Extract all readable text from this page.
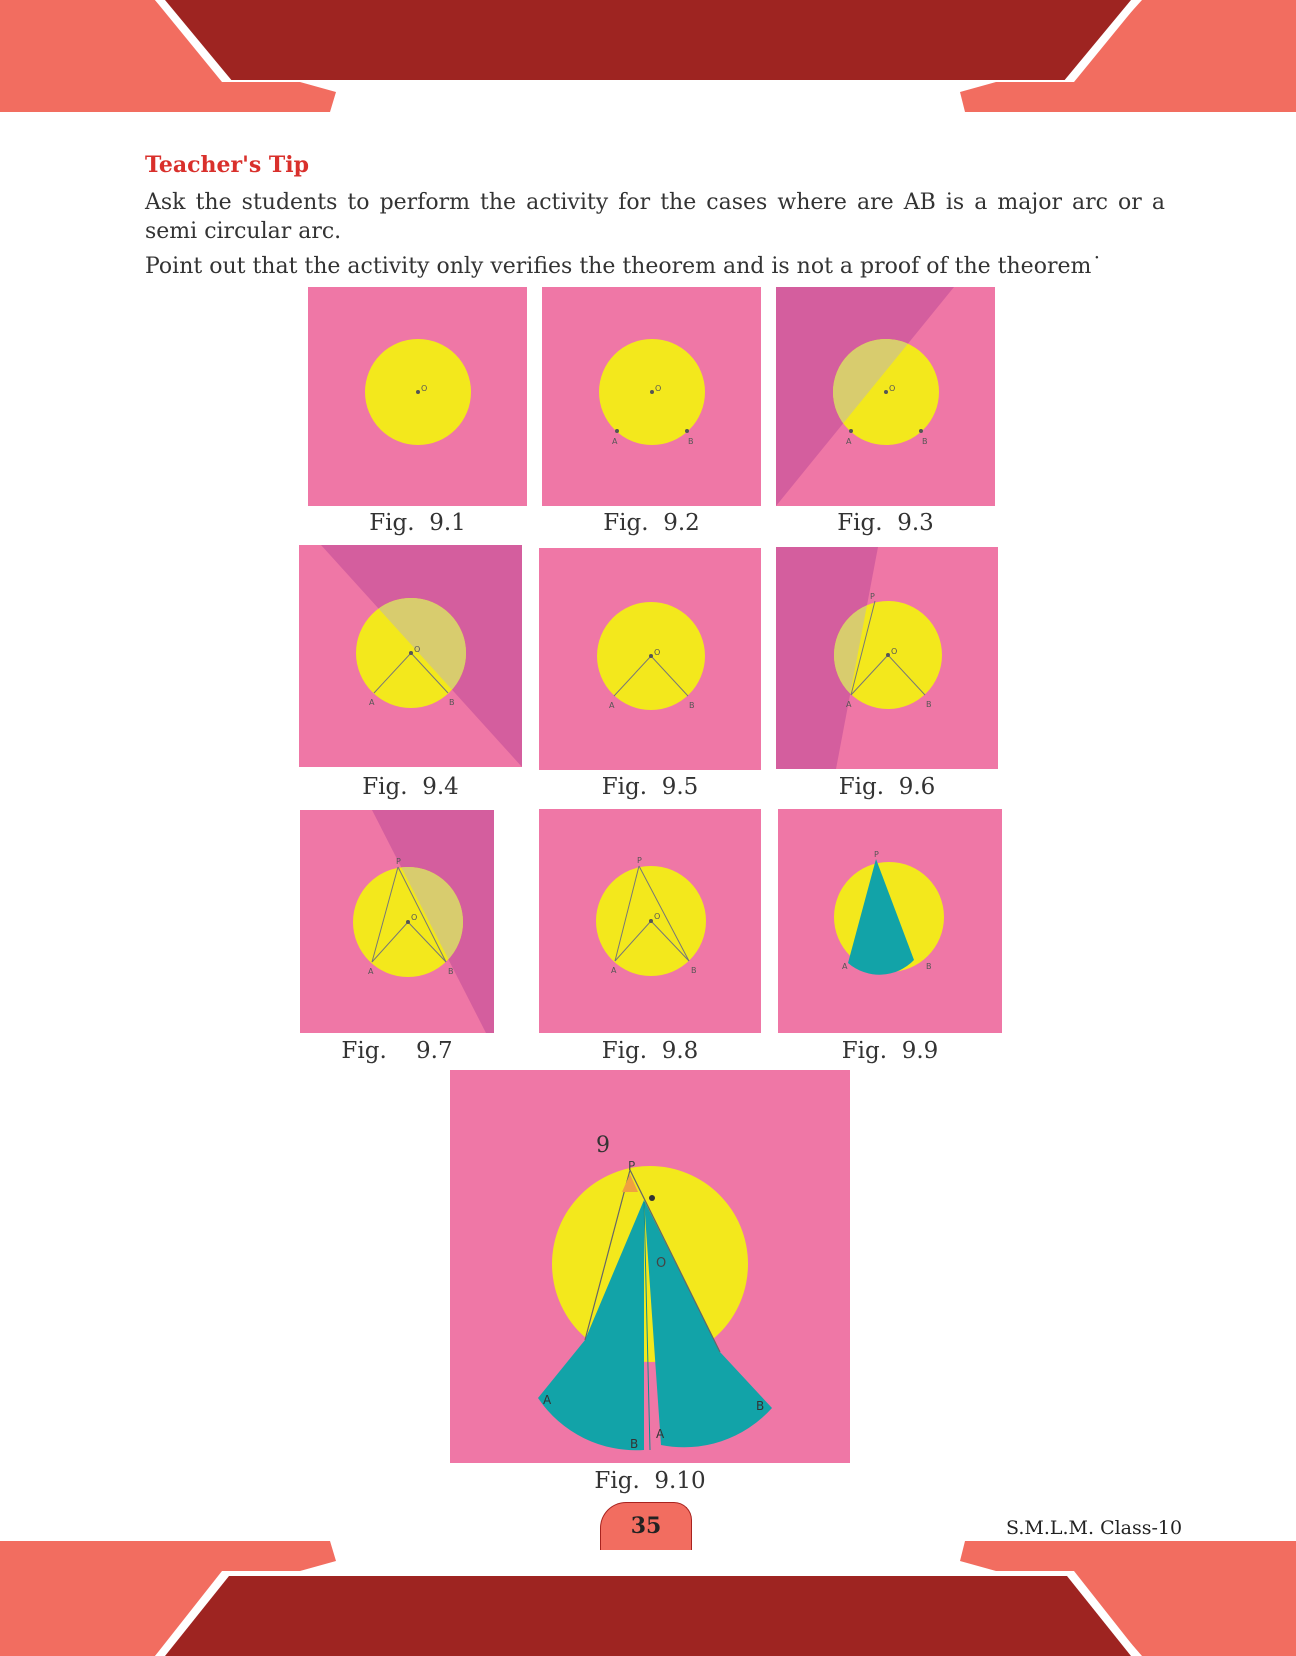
Teacher's Tip
Ask the students to perform the activity for the cases where are AB is a major arc or a semi circular arc.
Point out that the activity only verifies the theorem and is not a proof of the theorem˙
O
Fig.  9.1
O
A	B
Fig.  9.2
O
A	B
Fig.  9.3
O
A	B
Fig.  9.4
O
A	B
Fig.  9.5
O
P
A	B
Fig.  9.6
O
P
A	B
Fig.    9.7
O
P
A	B
Fig.  9.8
P
A	B
Fig.  9.9
9
P
O
A
B
A
B
Fig.  9.10
35	S.M.L.M. Class-10
